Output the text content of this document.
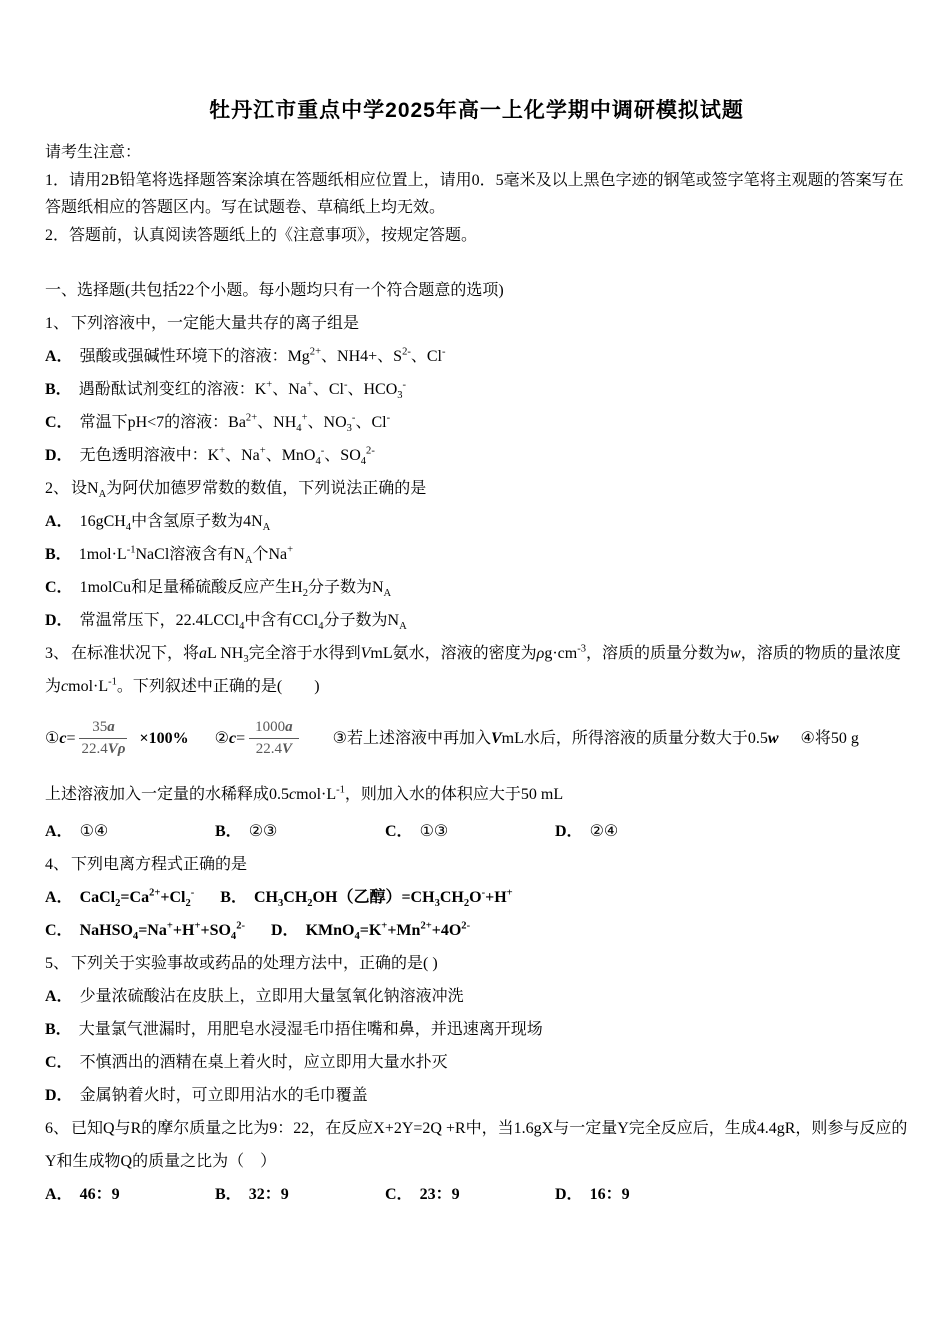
牡丹江市重点中学2025年高一上化学期中调研模拟试题

请考生注意：

1．请用2B铅笔将选择题答案涂填在答题纸相应位置上，请用0．5毫米及以上黑色字迹的钢笔或签字笔将主观题的答案写在答题纸相应的答题区内。写在试题卷、草稿纸上均无效。

2．答题前，认真阅读答题纸上的《注意事项》，按规定答题。

一、选择题(共包括22个小题。每小题均只有一个符合题意的选项)

1、 下列溶液中，一定能大量共存的离子组是

A． 强酸或强碱性环境下的溶液：$Mg^{2+}$、NH4+、$S^{2-}$、Cl-

B． 遇酚酞试剂变红的溶液：K+、Na+、Cl-、$HCO_3^-$

C． 常温下pH<7的溶液：$Ba^{2+}$、$NH_4^+$、$NO_3^-$、Cl-

D． 无色透明溶液中：K+、Na+、MnO$_4$-、$SO_4^{2-}$

2、 设$N_A$为阿伏加德罗常数的数值，下列说法正确的是

A． 16gCH$_4$中含氢原子数为$4N_A$

B． $1mol\cdot L^{-1}NaCl$溶液含有$N_A$个Na+

C． 1molCu和足量稀硫酸反应产生$H_2$分子数为$N_A$

D． 常温常压下，22.4LCCl$_4$中含有CCl$_4$分子数为$N_A$

3、 在标准状况下，将aL $NH_3$完全溶于水得到VmL氨水，溶液的密度为$\rho g\cdot cm^{-3}$，溶质的质量分数为w，溶质的物质的量浓度为$cmol\cdot L^{-1}$。下列叙述中正确的是(　　)

①c= $\frac{35a}{22.4V\rho} \times 100\%$ ②c= $\frac{1000a}{22.4V}$ ③若上述溶液中再加入VmL水后，所得溶液的质量分数大于0.5w ④将50 g

上述溶液加入一定量的水稀释成$0.5cmol\cdot L^{-1}$，则加入水的体积应大于50 mL

A． ①④	B． ②③	C． ①③	D． ②④

4、 下列电离方程式正确的是

A． $CaCl_2=Ca^{2+}+Cl_2^-$ B． $CH_3CH_2OH$（乙醇）$=CH_3CH_2O^-+H^+$

C． $NaHSO_4=Na^++H^++SO_4^{2-}$ D． $KMnO_4=K^++Mn^{2+}+4O^{2-}$

5、 下列关于实验事故或药品的处理方法中，正确的是( )

A． 少量浓硫酸沾在皮肤上，立即用大量氢氧化钠溶液冲洗

B． 大量氯气泄漏时，用肥皂水浸湿毛巾捂住嘴和鼻，并迅速离开现场

C． 不慎洒出的酒精在桌上着火时，应立即用大量水扑灭

D． 金属钠着火时，可立即用沾水的毛巾覆盖

6、 已知Q与R的摩尔质量之比为9：22，在反应X+2Y=2Q +R中，当1.6gX与一定量Y完全反应后，生成4.4gR，则参与反应的Y和生成物Q的质量之比为（　）

A． 46：9	B． 32：9	C． 23：9	D． 16：9
